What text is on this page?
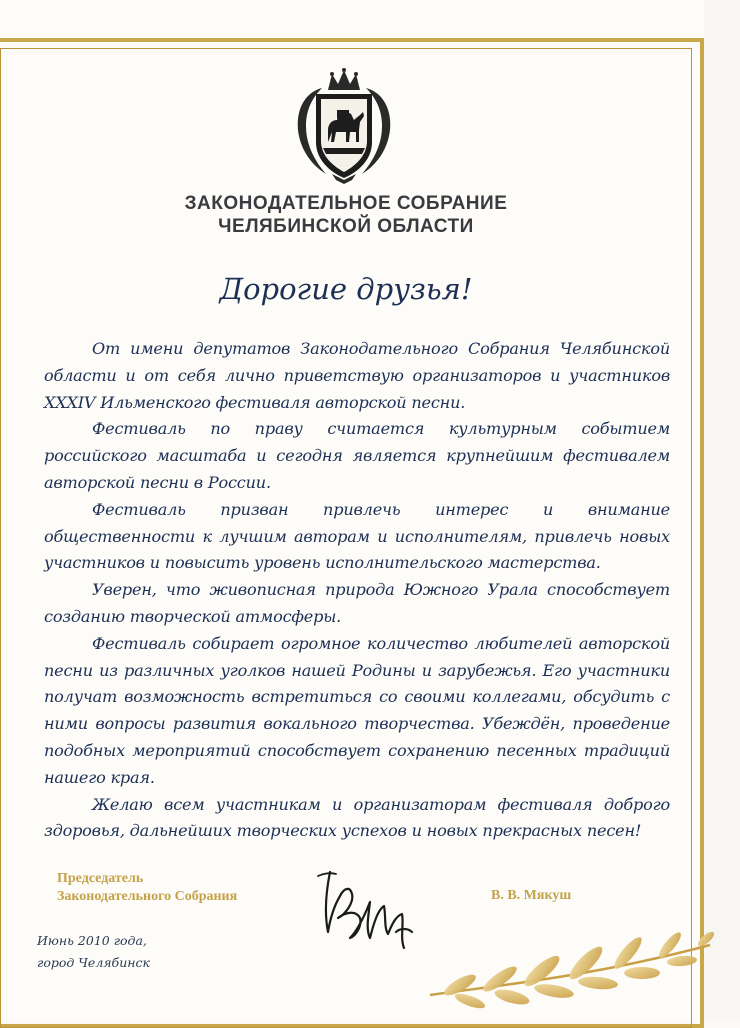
ЗАКОНОДАТЕЛЬНОЕ СОБРАНИЕ
ЧЕЛЯБИНСКОЙ ОБЛАСТИ
Дорогие друзья!

От имени депутатов Законодательного Собрания Челябинской области и от себя лично приветствую организаторов и участников XXXIV Ильменского фестиваля авторской песни.

Фестиваль по праву считается культурным событием российского масштаба и сегодня является крупнейшим фестивалем авторской песни в России.

Фестиваль призван привлечь интерес и внимание общественности к лучшим авторам и исполнителям, привлечь новых участников и повысить уровень исполнительского мастерства.

Уверен, что живописная природа Южного Урала способствует созданию творческой атмосферы.

Фестиваль собирает огромное количество любителей авторской песни из различных уголков нашей Родины и зарубежья. Его участники получат возможность встретиться со своими коллегами, обсудить с ними вопросы развития вокального творчества. Убеждён, проведение подобных мероприятий способствует сохранению песенных традиций нашего края.

Желаю всем участникам и организаторам фестиваля доброго здоровья, дальнейших творческих успехов и новых прекрасных песен!

Председатель
Законодательного Собрания	В. В. Мякуш
Июнь 2010 года,
город Челябинск
